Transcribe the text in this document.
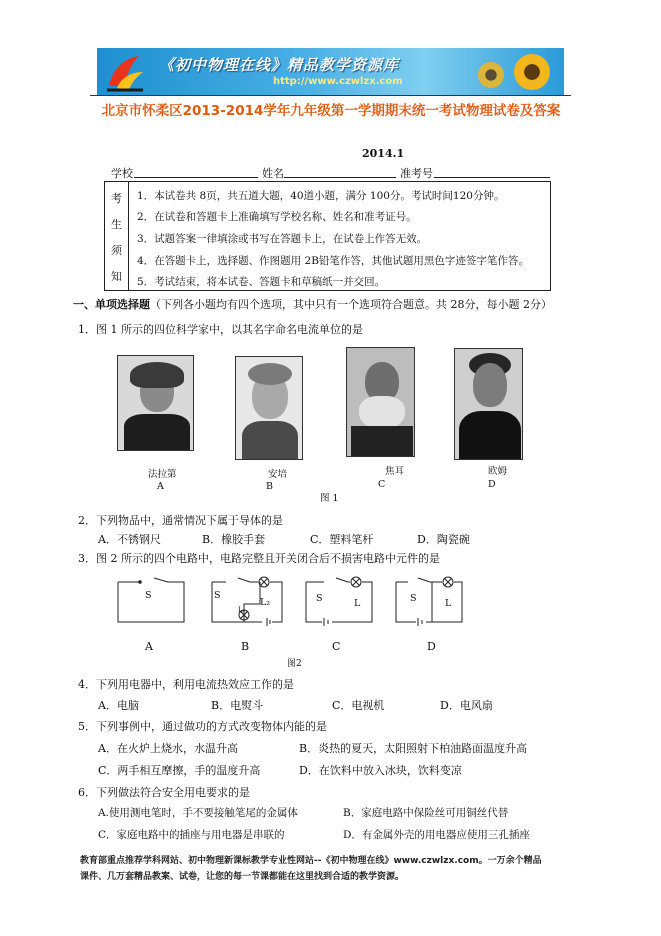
《初中物理在线》精品教学资源库
http://www.czwlzx.com
北京市怀柔区2013-2014学年九年级第一学期期末统一考试物理试卷及答案
2014.1
学校	姓名	准考号
考
生
须
知
1．本试卷共 8页，共五道大题，40道小题，满分 100分。考试时间120分钟。
2．在试卷和答题卡上准确填写学校名称、姓名和准考证号。
3．试题答案一律填涂或书写在答题卡上，在试卷上作答无效。
4．在答题卡上，选择题、作图题用 2B铅笔作答，其他试题用黑色字迹签字笔作答。
5．考试结束，将本试卷、答题卡和草稿纸一并交回。
一、单项选择题（下列各小题均有四个选项，其中只有一个选项符合题意。共 28分，每小题 2分）
1．图 1 所示的四位科学家中，以其名字命名电流单位的是
法拉第	安培	焦耳	欧姆
A	B	C	D
图 1
2．下列物品中，通常情况下属于导体的是
A．不锈钢尺	B．橡胶手套	C．塑料笔杆	D．陶瓷碗
3．图 2 所示的四个电路中，电路完整且开关闭合后不损害电路中元件的是
S	S
L₂
L₁
S	L	S	L
A	B	C	D
图2
4．下列用电器中，利用电流热效应工作的是
A．电脑	B．电熨斗	C．电视机	D．电风扇
5．下列事例中，通过做功的方式改变物体内能的是
A．在火炉上烧水，水温升高	B．炎热的夏天，太阳照射下柏油路面温度升高
C．两手相互摩擦，手的温度升高	D．在饮料中放入冰块，饮料变凉
6．下列做法符合安全用电要求的是
A.使用测电笔时，手不要接触笔尾的金属体	B．家庭电路中保险丝可用铜丝代替
C．家庭电路中的插座与用电器是串联的	D．有金属外壳的用电器应使用三孔插座
教育部重点推荐学科网站、初中物理新课标教学专业性网站--《初中物理在线》www.czwlzx.com。一万余个精品
课件、几万套精品教案、试卷，让您的每一节课都能在这里找到合适的教学资源。
